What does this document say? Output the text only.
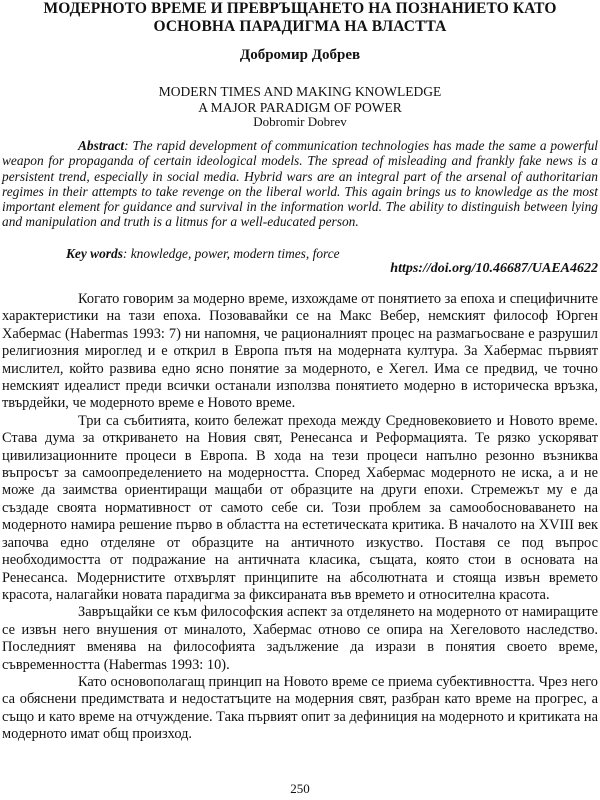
МОДЕРНОТО ВРЕМЕ И ПРЕВРЪЩАНЕТО НА ПОЗНАНИЕТО КАТО
ОСНОВНА ПАРАДИГМА НА ВЛАСТТА
Добромир Добрев
MODERN TIMES AND MAKING KNOWLEDGE
A MAJOR PARADIGM OF POWER
Dobromir Dobrev
Abstract: The rapid development of communication technologies has made the same a powerful weapon for propaganda of certain ideological models. The spread of misleading and frankly fake news is a persistent trend, especially in social media. Hybrid wars are an integral part of the arsenal of authoritarian regimes in their attempts to take revenge on the liberal world. This again brings us to knowledge as the most important element for guidance and survival in the information world. The ability to distinguish between lying and manipulation and truth is a litmus for a well-educated person.
Key words: knowledge, power, modern times, force
https://doi.org/10.46687/UAEA4622

Когато говорим за модерно време, изхождаме от понятието за епоха и специфичните характеристики на тази епоха. Позовавайки се на Макс Вебер, немският философ Юрген Хабермас (Habermas 1993: 7) ни напомня, че рационалният процес на размагьосване е разрушил религиозния мироглед и е открил в Европа пътя на модерната култура. За Хабермас първият мислител, който развива едно ясно понятие за модерното, е Хегел. Има се предвид, че точно немският идеалист преди всички останали използва понятието модерно в историческа връзка, твърдейки, че модерното време е Новото време.

Три са събитията, които бележат прехода между Средновековието и Новото време. Става дума за откриването на Новия свят, Ренесанса и Реформацията. Те рязко ускоряват цивилизационните процеси в Европа. В хода на тези процеси напълно резонно възниква въпросът за самоопределението на модерността. Според Хабермас модерното не иска, а и не може да заимства ориентиращи мащаби от образците на други епохи. Стремежът му е да създаде своята нормативност от самото себе си. Този проблем за самообосноваването на модерното намира решение първо в областта на естетическата критика. В началото на XVIII век започва едно отделяне от образците на античното изкуство. Поставя се под въпрос необходимостта от подражание на античната класика, същата, която стои в основата на Ренесанса. Модернистите отхвърлят принципите на абсолютната и стояща извън времето красота, налагайки новата парадигма за фиксираната във времето и относителна красота.

Завръщайки се към философския аспект за отделянето на модерното от намиращите се извън него внушения от миналото, Хабермас отново се опира на Хегеловото наследство. Последният вменява на философията задължение да изрази в понятия своето време, съвременността (Habermas 1993: 10).

Като основополагащ принцип на Новото време се приема субективността. Чрез него са обяснени предимствата и недостатъците на модерния свят, разбран като време на прогрес, а също и като време на отчуждение. Така първият опит за дефиниция на модерното и критиката на модерното имат общ произход.

250
